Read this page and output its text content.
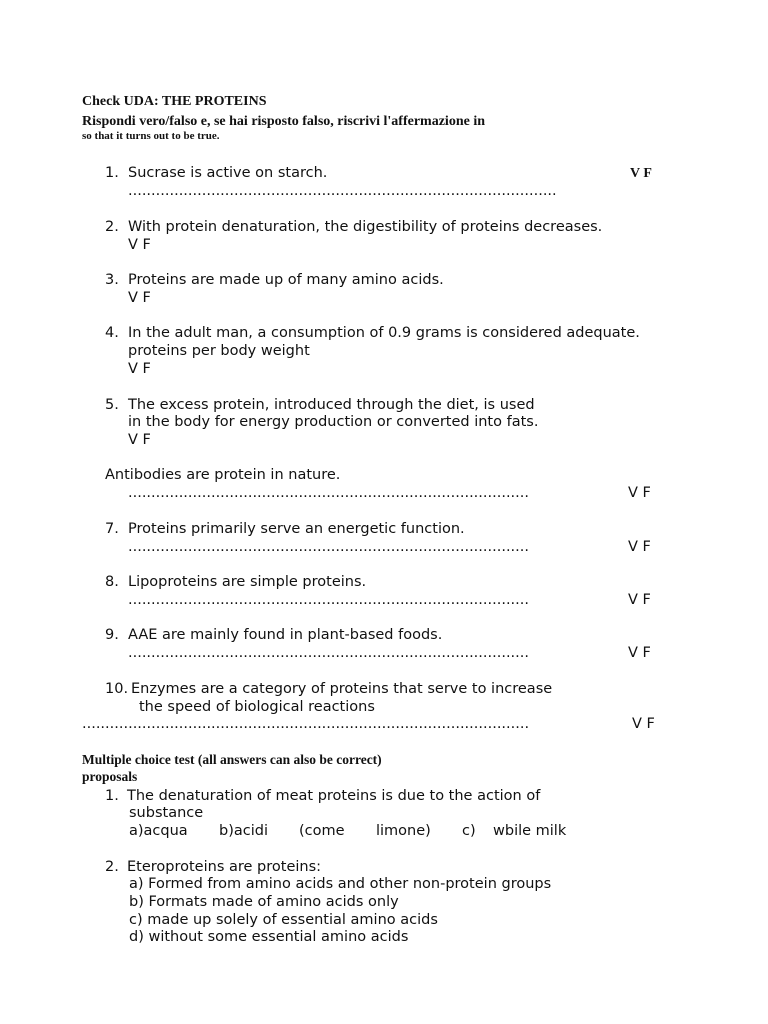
Check UDA: THE PROTEINS
Rispondi vero/falso e, se hai risposto falso, riscrivi l'affermazione in
so that it turns out to be true.
1. Sucrase is active on starch.	V F
.............................................................................................
2. With protein denaturation, the digestibility of proteins decreases.
V F
3. Proteins are made up of many amino acids.
V F
4. In the adult man, a consumption of 0.9 grams is considered adequate.
proteins per body weight
V F
5. The excess protein, introduced through the diet, is used
in the body for energy production or converted into fats.
V F
Antibodies are protein in nature.
.......................................................................................	V F
7. Proteins primarily serve an energetic function.
.......................................................................................	V F
8. Lipoproteins are simple proteins.
.......................................................................................	V F
9. AAE are mainly found in plant-based foods.
.......................................................................................	V F
10. Enzymes are a category of proteins that serve to increase
the speed of biological reactions
.................................................................................................	V F
Multiple choice test (all answers can also be correct)
proposals
1. The denaturation of meat proteins is due to the action of
substance
a)acqua b)acidi (come limone) c) wbile milk
2. Eteroproteins are proteins:
a) Formed from amino acids and other non-protein groups
b) Formats made of amino acids only
c) made up solely of essential amino acids
d) without some essential amino acids
